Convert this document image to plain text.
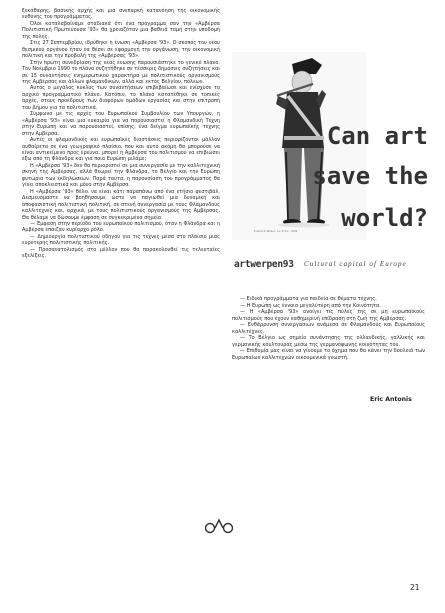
ξεκάθαρης, βασικής αρχής και μια ανεπαρκή κατανόηση της οικονομικής ευθύνης του προγράμματος.

Όλοι καταλαβαίναμε σταδιακά ότι ένα πρόγραμμα σαν την «Αμβέρσα Πολιτιστική Πρωτεύουσα '93» θα χρειαζόταν μια βαθειά τομή στην υποδομή της πόλης.

Στις 27 Σεπτεμβρίου, ιδρύθηκε η ένωση «Αμβέρσα '93». Ο σκοπός του νέου θεσμικού οργάνου ήταν να θέσει σε εφαρμογή την οργάνωση, την οικονομική πολιτική και την προβολή της «Αμβέρσας '93».

Στην πρώτη συνεδρίαση της νέας ένωσης παρουσιάστηκε το γενικό πλάνο. Τον Νοέμβριο 1990 το πλάνο συζητήθηκε σε τέσσερις δημόσιες συζητήσεις και σε 15 συναντήσεις ενημερωτικού χαρακτήρα με πολιτιστικούς οργανισμούς της Αμβέρσας και άλλων φλαμανδικών, αλλά και εκτός Βελγίου, πόλεων.

Αυτός ο μεγάλος κύκλος των συναντήσεων επιβεβαίωσε και ενίσχυσε το αρχικό προγραμματικό πλάνο. Κατόπιν, το πλάνο κατατέθηκε σε τοπικές αρχές, στους προέδρους των διαφόρων ομάδων εργασίας και στην επιτροπή του Δήμου για τα πολιτιστικά.

Σύμφωνα με τις αρχές του Ευρωπαϊκού Συμβουλίου των Υπουργών, η «Αμβέρσα '93» είναι μια ευκαιρία για να παρουσιαστεί η Φλαμανδική Τέχνη στην Ευρώπη και να παρουσιαστεί, επίσης, ένα δείγμα ευρωπαϊκής τέχνης στην Αμβέρσα.

Αυτές οι φλαμανδικές και ευρωπαϊκές διαστάσεις περιορίζονται μάλλον αυθαίρετα σε ένα γεωγραφικό πλαίσιο, που και αυτό ακόμη θα μπορούσε να είναι αντικείμενο προς έρευνα: μπορεί η Αμβέρσα του πολιτισμού να επιβιώσει έξω από τη Φλάνδρα και για ποια Ευρώπη μιλάμε;

Η «Αμβέρσα '93» δεν θα περιοριστεί σε μια συνεργασία με την καλλιτεχνική σκηνή της Αμβέρσας, αλλά θεωρεί την Φλάνδρα, το Βέλγιο και την Ευρώπη φυτώρια των εκδηλώσεων. Παρά ταύτα, η παρουσίαση του προγράμματος θα γίνει αποκλειστικά και μόνο στην Αμβέρσα.

Η «Αμβέρσα '93» θέλει να είναι κάτι παραπάνω από ένα ετήσιο φεστιβάλ. Δεσμευόμαστε να βοηθήσουμε ώστε να παγιωθεί μια δυναμική και αποφασιστική πολιτιστική πολιτική, σε στενή συνεργασία με τους Φλαμανδούς καλλιτέχνες και, αρχικά, με τους πολιτιστικούς οργανισμούς της Αμβέρσας. Θα θέλαμε να δώσουμε έμφαση σε συγκεκριμένα σημεία.

— Έμφαση στην περίοδο του ευρωπαϊκού πολιτισμού, όταν η Φλάνδρα και η Αμβέρσα έπαιζαν κυρίαρχο ρόλο.

— Δημιουργία πολιτιστικού οδηγού για τις τέχνες μέσα στο πλαίσιο μιας ευρύτερης πολιτιστικής πολιτικής.

— Προσανατολισμός στο μέλλον που θα παρακολουθεί τις τελευταίες εξελίξεις.

Edouard Manet, Le Fifre, 1866
Can art
save the
world?
artwerpen93 Cultural capital of Europe

— Ειδικά προγράμματα για παιδεία σε θέματα τέχνης.

— Η Ευρώπη ως έννοια μεγαλύτερη από την Κοινότητα.

— Η «Αμβέρσα '93» ανοίγει τις πύλες της σε μη ευρωπαϊκούς πολιτισμούς που έχουν καθημερινή επίδραση στη ζωή της Αμβέρσας.

— Ενθάρρυνση συνεργασιών ανάμεσα σε Φλαμανδούς και Ευρωπαίους καλλιτέχνες.

— Το Βέλγιο ως σημείο συνάντησης της ολλανδικής, γαλλικής και γερμανικής κουλτούρας μέσω της γερμανόφωνης κοινότητας του.

— Επιθυμία μας είναι να γίνουμε το όχημα που θα κάνει την δουλειά των Ευρωπαίων καλλιτεχνών οικουμενικά γνωστή.

Eric Antonis
21
